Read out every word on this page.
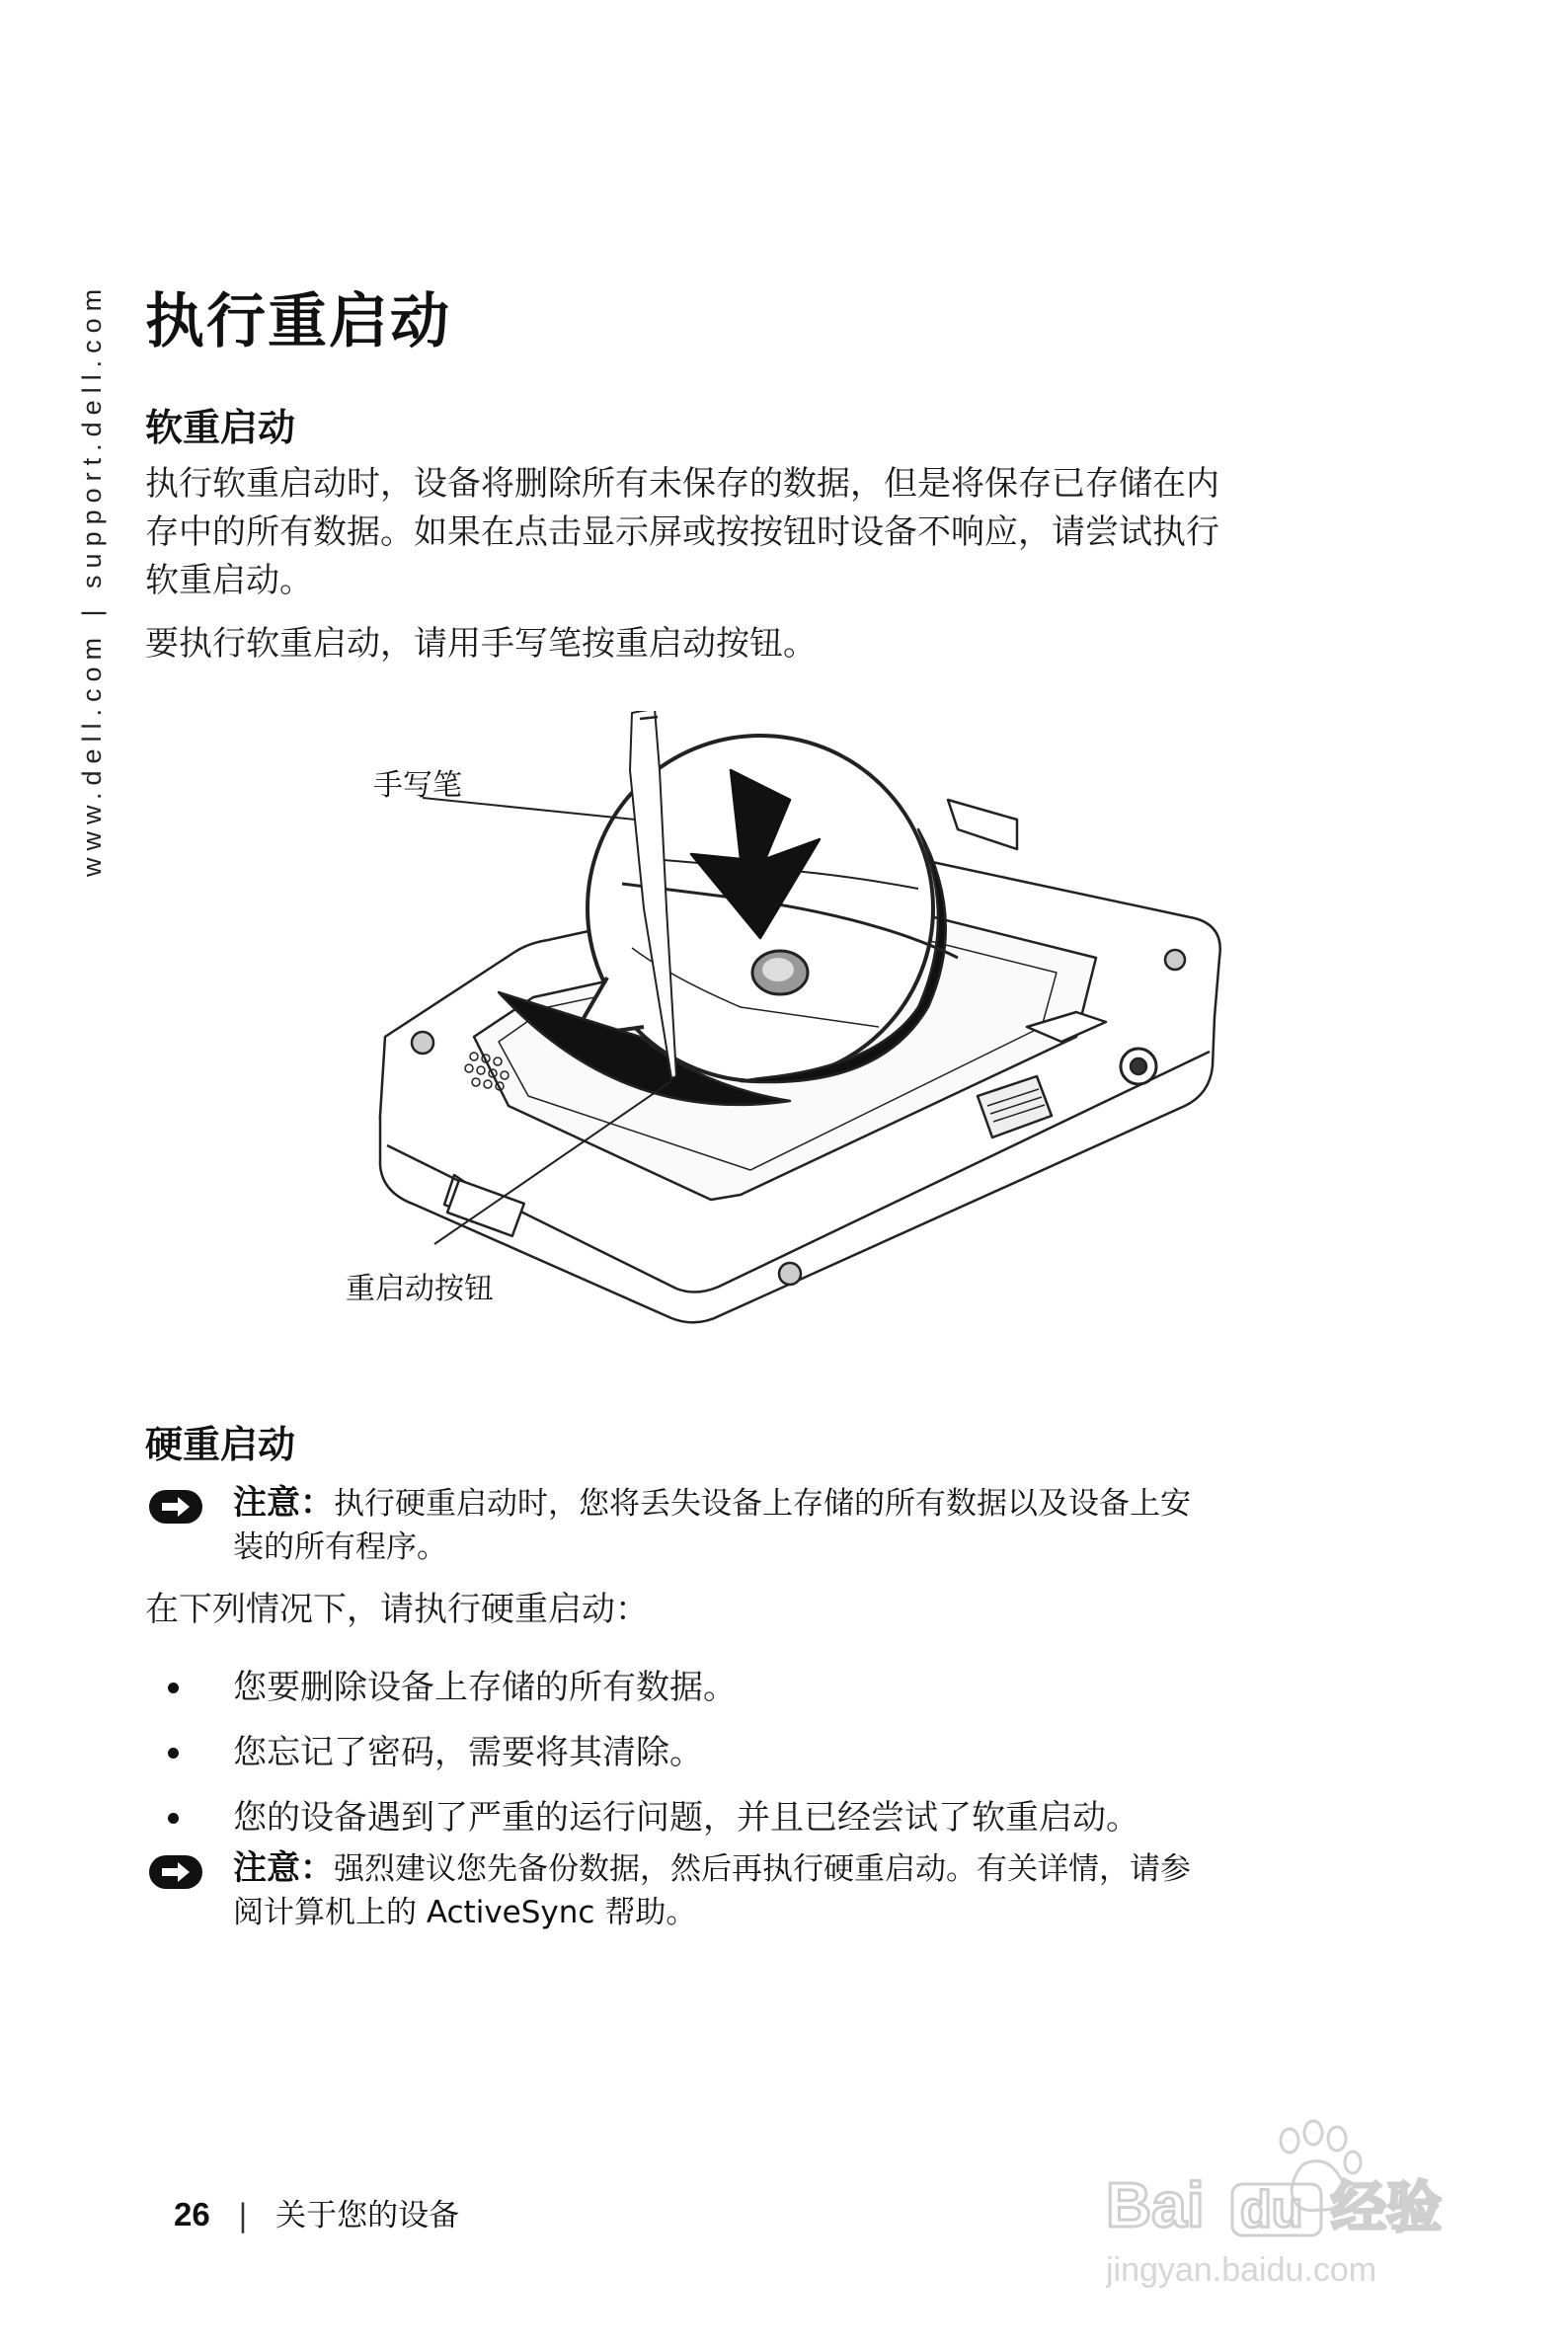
www.dell.com | support.dell.com 执行重启动
软重启动
执行软重启动时，设备将删除所有未保存的数据，但是将保存已存储在内
存中的所有数据。如果在点击显示屏或按按钮时设备不响应，请尝试执行
软重启动。

要执行软重启动，请用手写笔按重启动按钮。

手写笔
重启动按钮
硬重启动
注意：执行硬重启动时，您将丢失设备上存储的所有数据以及设备上安
装的所有程序。

在下列情况下，请执行硬重启动：

您要删除设备上存储的所有数据。
您忘记了密码，需要将其清除。
您的设备遇到了严重的运行问题，并且已经尝试了软重启动。
注意：强烈建议您先备份数据，然后再执行硬重启动。有关详情，请参
阅计算机上的 ActiveSync 帮助。
26 | 关于您的设备	Bai du 经验
jingyan.baidu.com
